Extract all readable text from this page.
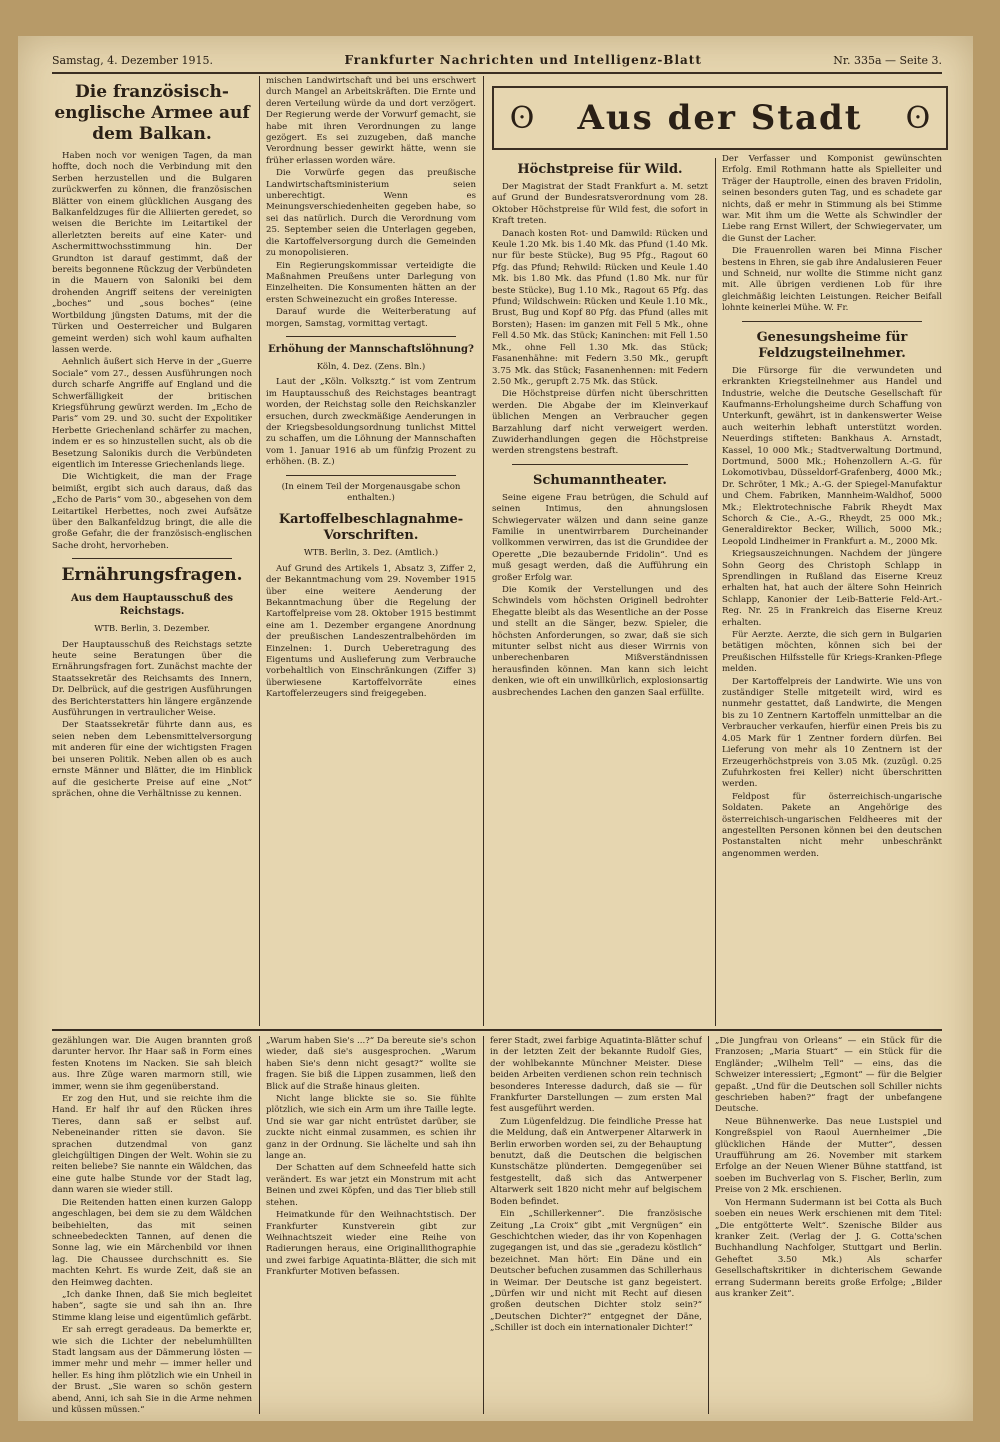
Samstag, 4. Dezember 1915.	Frankfurter Nachrichten und Intelligenz-Blatt	Nr. 335a — Seite 3.
ʘ	Aus der Stadt	ʘ
Die französisch-englische Armee auf dem Balkan.

Haben noch vor wenigen Tagen, da man hoffte, doch noch die Verbindung mit den Serben herzustellen und die Bulgaren zurückwerfen zu können, die französischen Blätter von einem glücklichen Ausgang des Balkanfeldzuges für die Alliierten geredet, so weisen die Berichte im Leitartikel der allerletzten bereits auf eine Kater- und Aschermittwochsstimmung hin. Der Grundton ist darauf gestimmt, daß der bereits begonnene Rückzug der Verbündeten in die Mauern von Saloniki bei dem drohenden Angriff seitens der vereinigten „boches“ und „sous boches“ (eine Wortbildung jüngsten Datums, mit der die Türken und Oesterreicher und Bulgaren gemeint werden) sich wohl kaum aufhalten lassen werde.

Aehnlich äußert sich Herve in der „Guerre Sociale“ vom 27., dessen Ausführungen noch durch scharfe Angriffe auf England und die Schwerfälligkeit der britischen Kriegsführung gewürzt werden. Im „Echo de Paris“ vom 29. und 30. sucht der Expolitiker Herbette Griechenland schärfer zu machen, indem er es so hinzustellen sucht, als ob die Besetzung Salonikis durch die Verbündeten eigentlich im Interesse Griechenlands liege.

Die Wichtigkeit, die man der Frage beimißt, ergibt sich auch daraus, daß das „Echo de Paris“ vom 30., abgesehen von dem Leitartikel Herbettes, noch zwei Aufsätze über den Balkanfeldzug bringt, die alle die große Gefahr, die der französisch-englischen Sache droht, hervorheben.

Ernährungsfragen.
Aus dem Hauptausschuß des Reichstags.
WTB. Berlin, 3. Dezember.

Der Hauptausschuß des Reichstags setzte heute seine Beratungen über die Ernährungsfragen fort. Zunächst machte der Staatssekretär des Reichsamts des Innern, Dr. Delbrück, auf die gestrigen Ausführungen des Berichterstatters hin längere ergänzende Ausführungen in vertraulicher Weise.

Der Staatssekretär führte dann aus, es seien neben dem Lebensmittelversorgung mit anderen für eine der wichtigsten Fragen bei unseren Politik. Neben allen ob es auch ernste Männer und Blätter, die im Hinblick auf die gesicherte Preise auf eine „Not“ sprächen, ohne die Verhältnisse zu kennen.

mischen Landwirtschaft und bei uns erschwert durch Mangel an Arbeitskräften. Die Ernte und deren Verteilung würde da und dort verzögert. Der Regierung werde der Vorwurf gemacht, sie habe mit ihren Verordnungen zu lange gezögert. Es sei zuzugeben, daß manche Verordnung besser gewirkt hätte, wenn sie früher erlassen worden wäre.

Die Vorwürfe gegen das preußische Landwirtschaftsministerium seien unberechtigt. Wenn es Meinungsverschiedenheiten gegeben habe, so sei das natürlich. Durch die Verordnung vom 25. September seien die Unterlagen gegeben, die Kartoffelversorgung durch die Gemeinden zu monopolisieren.

Ein Regierungskommissar verteidigte die Maßnahmen Preußens unter Darlegung von Einzelheiten. Die Konsumenten hätten an der ersten Schweinezucht ein großes Interesse.

Darauf wurde die Weiterberatung auf morgen, Samstag, vormittag vertagt.

Erhöhung der Mannschaftslöhnung?
Köln, 4. Dez. (Zens. Bln.)

Laut der „Köln. Volksztg.“ ist vom Zentrum im Hauptausschuß des Reichstages beantragt worden, der Reichstag solle den Reichskanzler ersuchen, durch zweckmäßige Aenderungen in der Kriegsbesoldungsordnung tunlichst Mittel zu schaffen, um die Löhnung der Mannschaften vom 1. Januar 1916 ab um fünfzig Prozent zu erhöhen. (B. Z.)

(In einem Teil der Morgenausgabe schon enthalten.)
Kartoffelbeschlagnahme-Vorschriften.
WTB. Berlin, 3. Dez. (Amtlich.)

Auf Grund des Artikels 1, Absatz 3, Ziffer 2, der Bekanntmachung vom 29. November 1915 über eine weitere Aenderung der Bekanntmachung über die Regelung der Kartoffelpreise vom 28. Oktober 1915 bestimmt eine am 1. Dezember ergangene Anordnung der preußischen Landeszentralbehörden im Einzelnen: 1. Durch Ueberetragung des Eigentums und Auslieferung zum Verbrauche vorbehaltlich von Einschränkungen (Ziffer 3) überwiesene Kartoffelvorräte eines Kartoffelerzeugers sind freigegeben.

Höchstpreise für Wild.

Der Magistrat der Stadt Frankfurt a. M. setzt auf Grund der Bundesratsverordnung vom 28. Oktober Höchstpreise für Wild fest, die sofort in Kraft treten.

Danach kosten Rot- und Damwild: Rücken und Keule 1.20 Mk. bis 1.40 Mk. das Pfund (1.40 Mk. nur für beste Stücke), Bug 95 Pfg., Ragout 60 Pfg. das Pfund; Rehwild: Rücken und Keule 1.40 Mk. bis 1.80 Mk. das Pfund (1.80 Mk. nur für beste Stücke), Bug 1.10 Mk., Ragout 65 Pfg. das Pfund; Wildschwein: Rücken und Keule 1.10 Mk., Brust, Bug und Kopf 80 Pfg. das Pfund (alles mit Borsten); Hasen: im ganzen mit Fell 5 Mk., ohne Fell 4.50 Mk. das Stück; Kaninchen: mit Fell 1.50 Mk., ohne Fell 1.30 Mk. das Stück; Fasanenhähne: mit Federn 3.50 Mk., gerupft 3.75 Mk. das Stück; Fasanenhennen: mit Federn 2.50 Mk., gerupft 2.75 Mk. das Stück.

Die Höchstpreise dürfen nicht überschritten werden. Die Abgabe der im Kleinverkauf üblichen Mengen an Verbraucher gegen Barzahlung darf nicht verweigert werden. Zuwiderhandlungen gegen die Höchstpreise werden strengstens bestraft.

Schumanntheater.

Seine eigene Frau betrügen, die Schuld auf seinen Intimus, den ahnungslosen Schwiegervater wälzen und dann seine ganze Familie in unentwirrbarem Durcheinander vollkommen verwirren, das ist die Grundidee der Operette „Die bezaubernde Fridolin“. Und es muß gesagt werden, daß die Aufführung ein großer Erfolg war.

Die Komik der Verstellungen und des Schwindels vom höchsten Originell bedrohter Ehegatte bleibt als das Wesentliche an der Posse und stellt an die Sänger, bezw. Spieler, die höchsten Anforderungen, so zwar, daß sie sich mitunter selbst nicht aus dieser Wirrnis von unberechenbaren Mißverständnissen herausfinden können. Man kann sich leicht denken, wie oft ein unwillkürlich, explosionsartig ausbrechendes Lachen den ganzen Saal erfüllte.

Der Verfasser und Komponist gewünschten Erfolg. Emil Rothmann hatte als Spielleiter und Träger der Hauptrolle, einen des braven Fridolin, seinen besonders guten Tag, und es schadete gar nichts, daß er mehr in Stimmung als bei Stimme war. Mit ihm um die Wette als Schwindler der Liebe rang Ernst Willert, der Schwiegervater, um die Gunst der Lacher.

Die Frauenrollen waren bei Minna Fischer bestens in Ehren, sie gab ihre Andalusieren Feuer und Schneid, nur wollte die Stimme nicht ganz mit. Alle übrigen verdienen Lob für ihre gleichmäßig leichten Leistungen. Reicher Beifall lohnte keinerlei Mühe. W. Fr.

Genesungsheime für Feldzugsteilnehmer.

Die Fürsorge für die verwundeten und erkrankten Kriegsteilnehmer aus Handel und Industrie, welche die Deutsche Gesellschaft für Kaufmanns-Erholungsheime durch Schaffung von Unterkunft, gewährt, ist in dankenswerter Weise auch weiterhin lebhaft unterstützt worden. Neuerdings stifteten: Bankhaus A. Arnstadt, Kassel, 10 000 Mk.; Stadtverwaltung Dortmund, Dortmund, 5000 Mk.; Hohenzollern A.-G. für Lokomotivbau, Düsseldorf-Grafenberg, 4000 Mk.; Dr. Schröter, 1 Mk.; A.-G. der Spiegel-Manufaktur und Chem. Fabriken, Mannheim-Waldhof, 5000 Mk.; Elektrotechnische Fabrik Rheydt Max Schorch & Cie., A.-G., Rheydt, 25 000 Mk.; Generaldirektor Becker, Willich, 5000 Mk.; Leopold Lindheimer in Frankfurt a. M., 2000 Mk.

Kriegsauszeichnungen. Nachdem der jüngere Sohn Georg des Christoph Schlapp in Sprendlingen in Rußland das Eiserne Kreuz erhalten hat, hat auch der ältere Sohn Heinrich Schlapp, Kanonier der Leib-Batterie Feld-Art.-Reg. Nr. 25 in Frankreich das Eiserne Kreuz erhalten.

Für Aerzte. Aerzte, die sich gern in Bulgarien betätigen möchten, können sich bei der Preußischen Hilfsstelle für Kriegs-Kranken-Pflege melden.

Der Kartoffelpreis der Landwirte. Wie uns von zuständiger Stelle mitgeteilt wird, wird es nunmehr gestattet, daß Landwirte, die Mengen bis zu 10 Zentnern Kartoffeln unmittelbar an die Verbraucher verkaufen, hierfür einen Preis bis zu 4.05 Mark für 1 Zentner fordern dürfen. Bei Lieferung von mehr als 10 Zentnern ist der Erzeugerhöchstpreis von 3.05 Mk. (zuzügl. 0.25 Zufuhrkosten frei Keller) nicht überschritten werden.

Feldpost für österreichisch-ungarische Soldaten. Pakete an Angehörige des österreichisch-ungarischen Feldheeres mit der angestellten Personen können bei den deutschen Postanstalten nicht mehr unbeschränkt angenommen werden.

gezählungen war. Die Augen brannten groß darunter hervor. Ihr Haar saß in Form eines festen Knotens im Nacken. Sie sah bleich aus. Ihre Züge waren marmorn still, wie immer, wenn sie ihm gegenüberstand.

Er zog den Hut, und sie reichte ihm die Hand. Er half ihr auf den Rücken ihres Tieres, dann saß er selbst auf. Nebeneinander ritten sie davon. Sie sprachen dutzendmal von ganz gleichgültigen Dingen der Welt. Wohin sie zu reiten beliebe? Sie nannte ein Wäldchen, das eine gute halbe Stunde vor der Stadt lag, dann waren sie wieder still.

Die Reitenden hatten einen kurzen Galopp angeschlagen, bei dem sie zu dem Wäldchen beibehielten, das mit seinen schneebedeckten Tannen, auf denen die Sonne lag, wie ein Märchenbild vor ihnen lag. Die Chaussee durchschnitt es. Sie machten Kehrt. Es wurde Zeit, daß sie an den Heimweg dachten.

„Ich danke Ihnen, daß Sie mich begleitet haben“, sagte sie und sah ihn an. Ihre Stimme klang leise und eigentümlich gefärbt.

Er sah erregt geradeaus. Da bemerkte er, wie sich die Lichter der nebelumhüllten Stadt langsam aus der Dämmerung lösten — immer mehr und mehr — immer heller und heller. Es hing ihm plötzlich wie ein Unheil in der Brust. „Sie waren so schön gestern abend, Anni, ich sah Sie in die Arme nehmen und küssen müssen.“

„Warum haben Sie's ...?“ Da bereute sie's schon wieder, daß sie's ausgesprochen. „Warum haben Sie's denn nicht gesagt?“ wollte sie fragen. Sie biß die Lippen zusammen, ließ den Blick auf die Straße hinaus gleiten.

Nicht lange blickte sie so. Sie fühlte plötzlich, wie sich ein Arm um ihre Taille legte. Und sie war gar nicht entrüstet darüber, sie zuckte nicht einmal zusammen, es schien ihr ganz in der Ordnung. Sie lächelte und sah ihn lange an.

Der Schatten auf dem Schneefeld hatte sich verändert. Es war jetzt ein Monstrum mit acht Beinen und zwei Köpfen, und das Tier blieb still stehen.

Heimatkunde für den Weihnachtstisch. Der Frankfurter Kunstverein gibt zur Weihnachtszeit wieder eine Reihe von Radierungen heraus, eine Originallithographie und zwei farbige Aquatinta-Blätter, die sich mit Frankfurter Motiven befassen.

ferer Stadt, zwei farbige Aquatinta-Blätter schuf in der letzten Zeit der bekannte Rudolf Gies, der wohlbekannte Münchner Meister. Diese beiden Arbeiten verdienen schon rein technisch besonderes Interesse dadurch, daß sie — für Frankfurter Darstellungen — zum ersten Mal fest ausgeführt werden.

Zum Lügenfeldzug. Die feindliche Presse hat die Meldung, daß ein Antwerpener Altarwerk in Berlin erworben worden sei, zu der Behauptung benutzt, daß die Deutschen die belgischen Kunstschätze plünderten. Demgegenüber sei festgestellt, daß sich das Antwerpener Altarwerk seit 1820 nicht mehr auf belgischem Boden befindet.

Ein „Schillerkenner“. Die französische Zeitung „La Croix“ gibt „mit Vergnügen“ ein Geschichtchen wieder, das ihr von Kopenhagen zugegangen ist, und das sie „geradezu köstlich“ bezeichnet. Man hört: Ein Däne und ein Deutscher befuchen zusammen das Schillerhaus in Weimar. Der Deutsche ist ganz begeistert. „Dürfen wir und nicht mit Recht auf diesen großen deutschen Dichter stolz sein?“ „Deutschen Dichter?“ entgegnet der Däne, „Schiller ist doch ein internationaler Dichter!“

„Die Jungfrau von Orleans“ — ein Stück für die Franzosen; „Maria Stuart“ — ein Stück für die Engländer; „Wilhelm Tell“ — eins, das die Schweizer interessiert; „Egmont“ — für die Belgier gepaßt. „Und für die Deutschen soll Schiller nichts geschrieben haben?“ fragt der unbefangene Deutsche.

Neue Bühnenwerke. Das neue Lustspiel und Kongreßspiel von Raoul Auernheimer „Die glücklichen Hände der Mutter“, dessen Uraufführung am 26. November mit starkem Erfolge an der Neuen Wiener Bühne stattfand, ist soeben im Buchverlag von S. Fischer, Berlin, zum Preise von 2 Mk. erschienen.

Von Hermann Sudermann ist bei Cotta als Buch soeben ein neues Werk erschienen mit dem Titel: „Die entgötterte Welt“. Szenische Bilder aus kranker Zeit. (Verlag der J. G. Cotta'schen Buchhandlung Nachfolger, Stuttgart und Berlin. Geheftet 3.50 Mk.) Als scharfer Gesellschaftskritiker in dichterischem Gewande errang Sudermann bereits große Erfolge; „Bilder aus kranker Zeit“.
